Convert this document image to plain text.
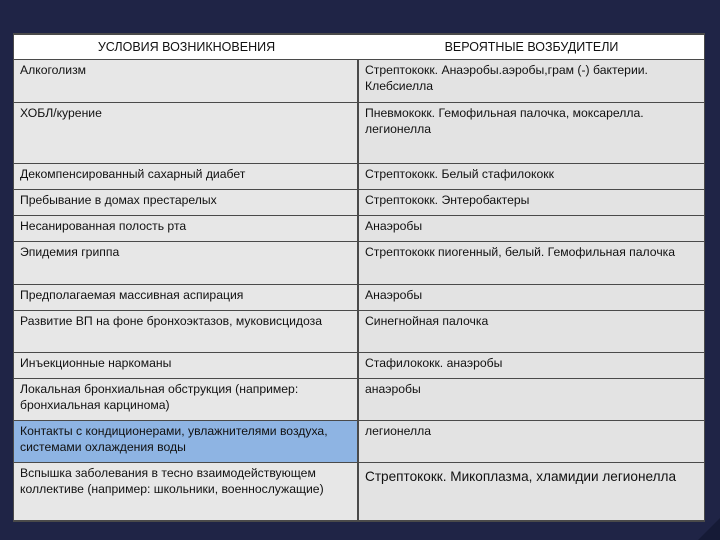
УСЛОВИЯ ВОЗНИКНОВЕНИЯ	ВЕРОЯТНЫЕ ВОЗБУДИТЕЛИ
Алкоголизм	Стрептококк. Анаэробы.аэробы,грам (-) бактерии. Клебсиелла
ХОБЛ/курение	Пневмококк. Гемофильная палочка, моксарелла. легионелла
Декомпенсированный сахарный диабет	Стрептококк. Белый стафилококк
Пребывание в домах престарелых	Стрептококк. Энтеробактеры
Несанированная полость рта	Анаэробы
Эпидемия гриппа	Стрептококк пиогенный, белый. Гемофильная палочка
Предполагаемая массивная аспирация	Анаэробы
Развитие ВП на фоне бронхоэктазов, муковисцидоза	Синегнойная палочка
Инъекционные наркоманы	Стафилококк. анаэробы
Локальная бронхиальная обструкция (например: бронхиальная карцинома)	анаэробы
Контакты с кондиционерами, увлажнителями воздуха, системами охлаждения воды	легионелла
Вспышка заболевания в тесно взаимодействующем коллективе (например: школьники, военнослужащие)	Стрептококк. Микоплазма, хламидии легионелла
